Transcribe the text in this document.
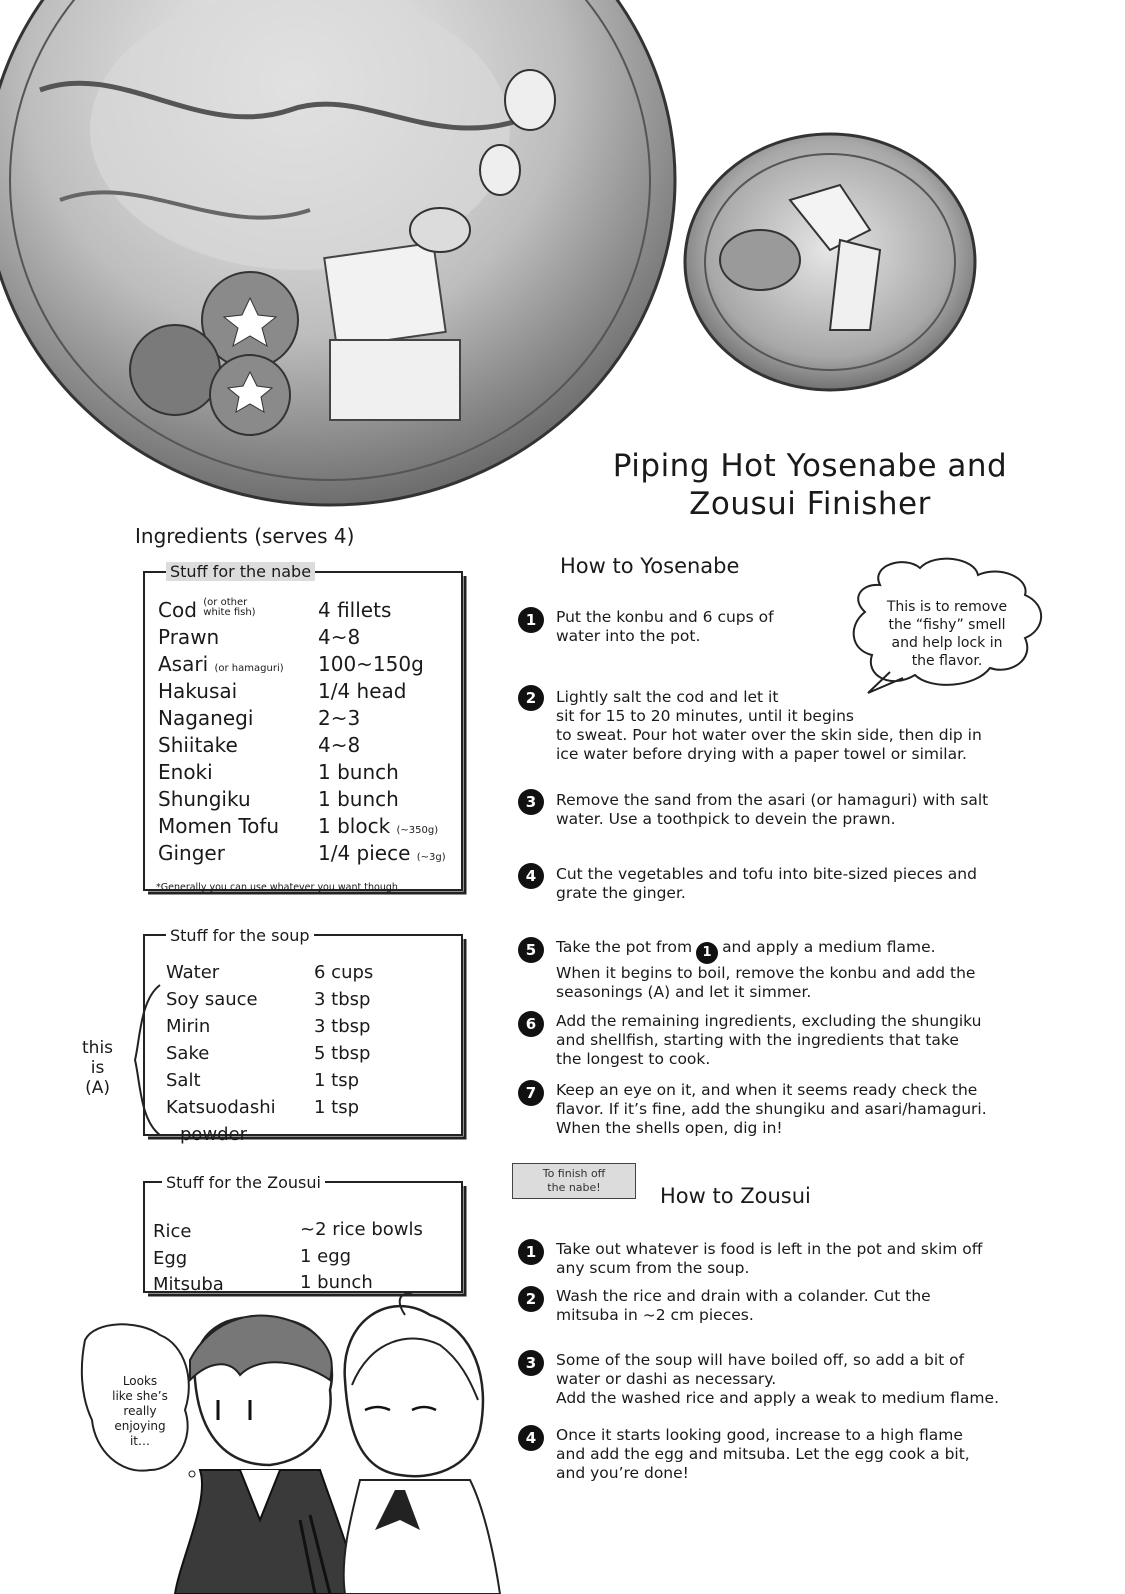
Piping Hot Yosenabe and
Zousui Finisher
Ingredients (serves 4)
Stuff for the nabe
Cod (or other white fish)	4 fillets
Prawn	4~8
Asari (or hamaguri) 100~150g
Hakusai	1/4 head
Naganegi	2~3
Shiitake	4~8
Enoki	1 bunch
Shungiku	1 bunch
Momen Tofu 1 block (~350g)
Ginger	1/4 piece (~3g)
*Generally you can use whatever you want though
Stuff for the soup
this
is
(A)
Water	6 cups
Soy sauce	3 tbsp
Mirin	3 tbsp
Sake	5 tbsp
Salt	1 tsp
Katsuodashi 1 tsp
powder
Stuff for the Zousui
Rice	~2 rice bowls
Egg	1 egg
Mitsuba	1 bunch
How to Yosenabe
This is to remove
the “fishy” smell
and help lock in
the flavor.
1	Put the konbu and 6 cups of
water into the pot.
2	Lightly salt the cod and let it
sit for 15 to 20 minutes, until it begins
to sweat. Pour hot water over the skin side, then dip in
ice water before drying with a paper towel or similar.
3	Remove the sand from the asari (or hamaguri) with salt
water. Use a toothpick to devein the prawn.
4	Cut the vegetables and tofu into bite-sized pieces and
grate the ginger.
5	Take the pot from 1 and apply a medium flame.
When it begins to boil, remove the konbu and add the
seasonings (A) and let it simmer.
6	Add the remaining ingredients, excluding the shungiku
and shellfish, starting with the ingredients that take
the longest to cook.
7	Keep an eye on it, and when it seems ready check the
flavor. If it’s fine, add the shungiku and asari/hamaguri.
When the shells open, dig in!
To finish off
the nabe!	How to Zousui
1	Take out whatever is food is left in the pot and skim off
any scum from the soup.
2	Wash the rice and drain with a colander. Cut the
mitsuba in ~2 cm pieces.
3	Some of the soup will have boiled off, so add a bit of
water or dashi as necessary.
Add the washed rice and apply a weak to medium flame.
4	Once it starts looking good, increase to a high flame
and add the egg and mitsuba. Let the egg cook a bit,
and you’re done!
Looks
like she’s
really
enjoying
it…
